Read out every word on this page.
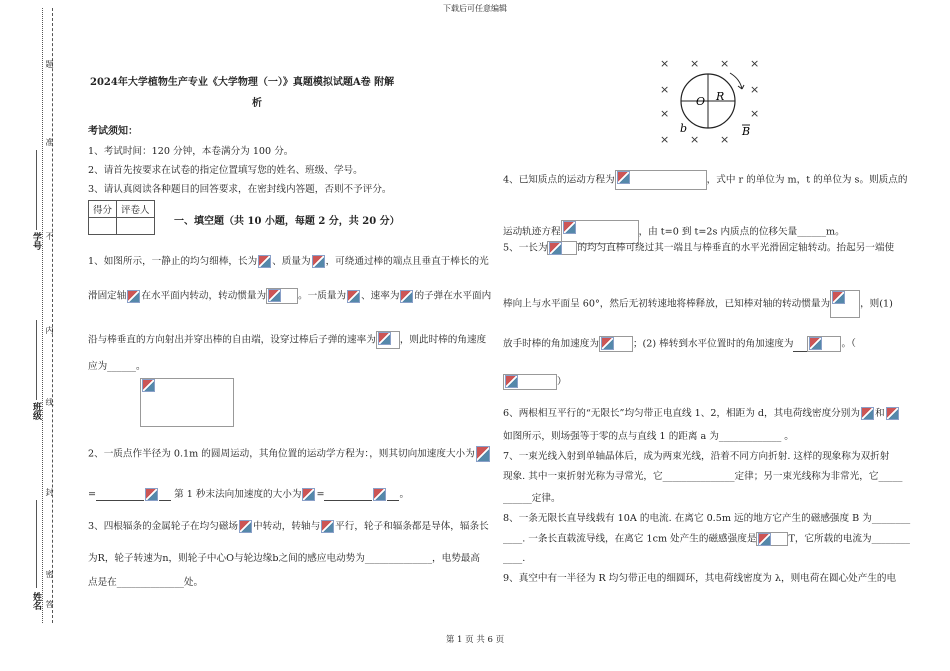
下载后可任意编辑
第 1 页 共 6 页
题
准
不
内
线
封
密
答
学号
班级
姓名
2024年大学植物生产专业《大学物理（一）》真题模拟试题A卷 附解
析
考试须知：
1、考试时间：120 分钟，本卷满分为 100 分。
2、请首先按要求在试卷的指定位置填写您的姓名、班级、学号。
3、请认真阅读各种题目的回答要求，在密封线内答题，否则不予评分。
得分	评卷人

一、填空题（共 10 小题，每题 2 分，共 20 分）
1、如图所示，一静止的均匀细棒，长为 、质量为 ，可绕通过棒的端点且垂直于棒长的光
滑固定轴 在水平面内转动，转动惯量为	。一质量为 、速率为 的子弹在水平面内
沿与棒垂直的方向射出并穿出棒的自由端，设穿过棒后子弹的速率为	，则此时棒的角速度
应为______。
2、一质点作半径为 0.1m 的圆周运动，其角位置的运动学方程为：，则其切向加速度大小为
=	第 1 秒末法向加速度的大小为 =	。
3、四根辐条的金属轮子在均匀磁场 中转动，转轴与 平行，轮子和辐条都是导体，辐条长
为R，轮子转速为n，则轮子中心O与轮边缘b之间的感应电动势为______________，电势最高
点是在______________处。
× × × ×
×	×
×	×
× × ×
O R
b	B
4、已知质点的运动方程为	，式中 r 的单位为 m，t 的单位为 s。则质点的
运动轨迹方程	，由 t=0 到 t=2s 内质点的位移矢量______m。
5、一长为	的均匀直棒可绕过其一端且与棒垂直的水平光滑固定轴转动。抬起另一端使
棒向上与水平面呈 60°，然后无初转速地将棒释放，已知棒对轴的转动惯量为	，则(1)
放手时棒的角加速度为	；(2) 棒转到水平位置时的角加速度为	。（
）
6、两根相互平行的“无限长”均匀带正电直线 1、2，相距为 d，其电荷线密度分别为 和
如图所示，则场强等于零的点与直线 1 的距离 a 为_____________ 。
7、一束光线入射到单轴晶体后，成为两束光线，沿着不同方向折射. 这样的现象称为双折射
现象. 其中一束折射光称为寻常光，它_______________定律；另一束光线称为非常光，它_____
______定律。
8、一条无限长直导线载有 10A 的电流. 在离它 0.5m 远的地方它产生的磁感强度 B 为________
____. 一条长直载流导线，在离它 1cm 处产生的磁感强度是	T，它所载的电流为________
____.
9、真空中有一半径为 R 均匀带正电的细圆环，其电荷线密度为 λ，则电荷在圆心处产生的电
